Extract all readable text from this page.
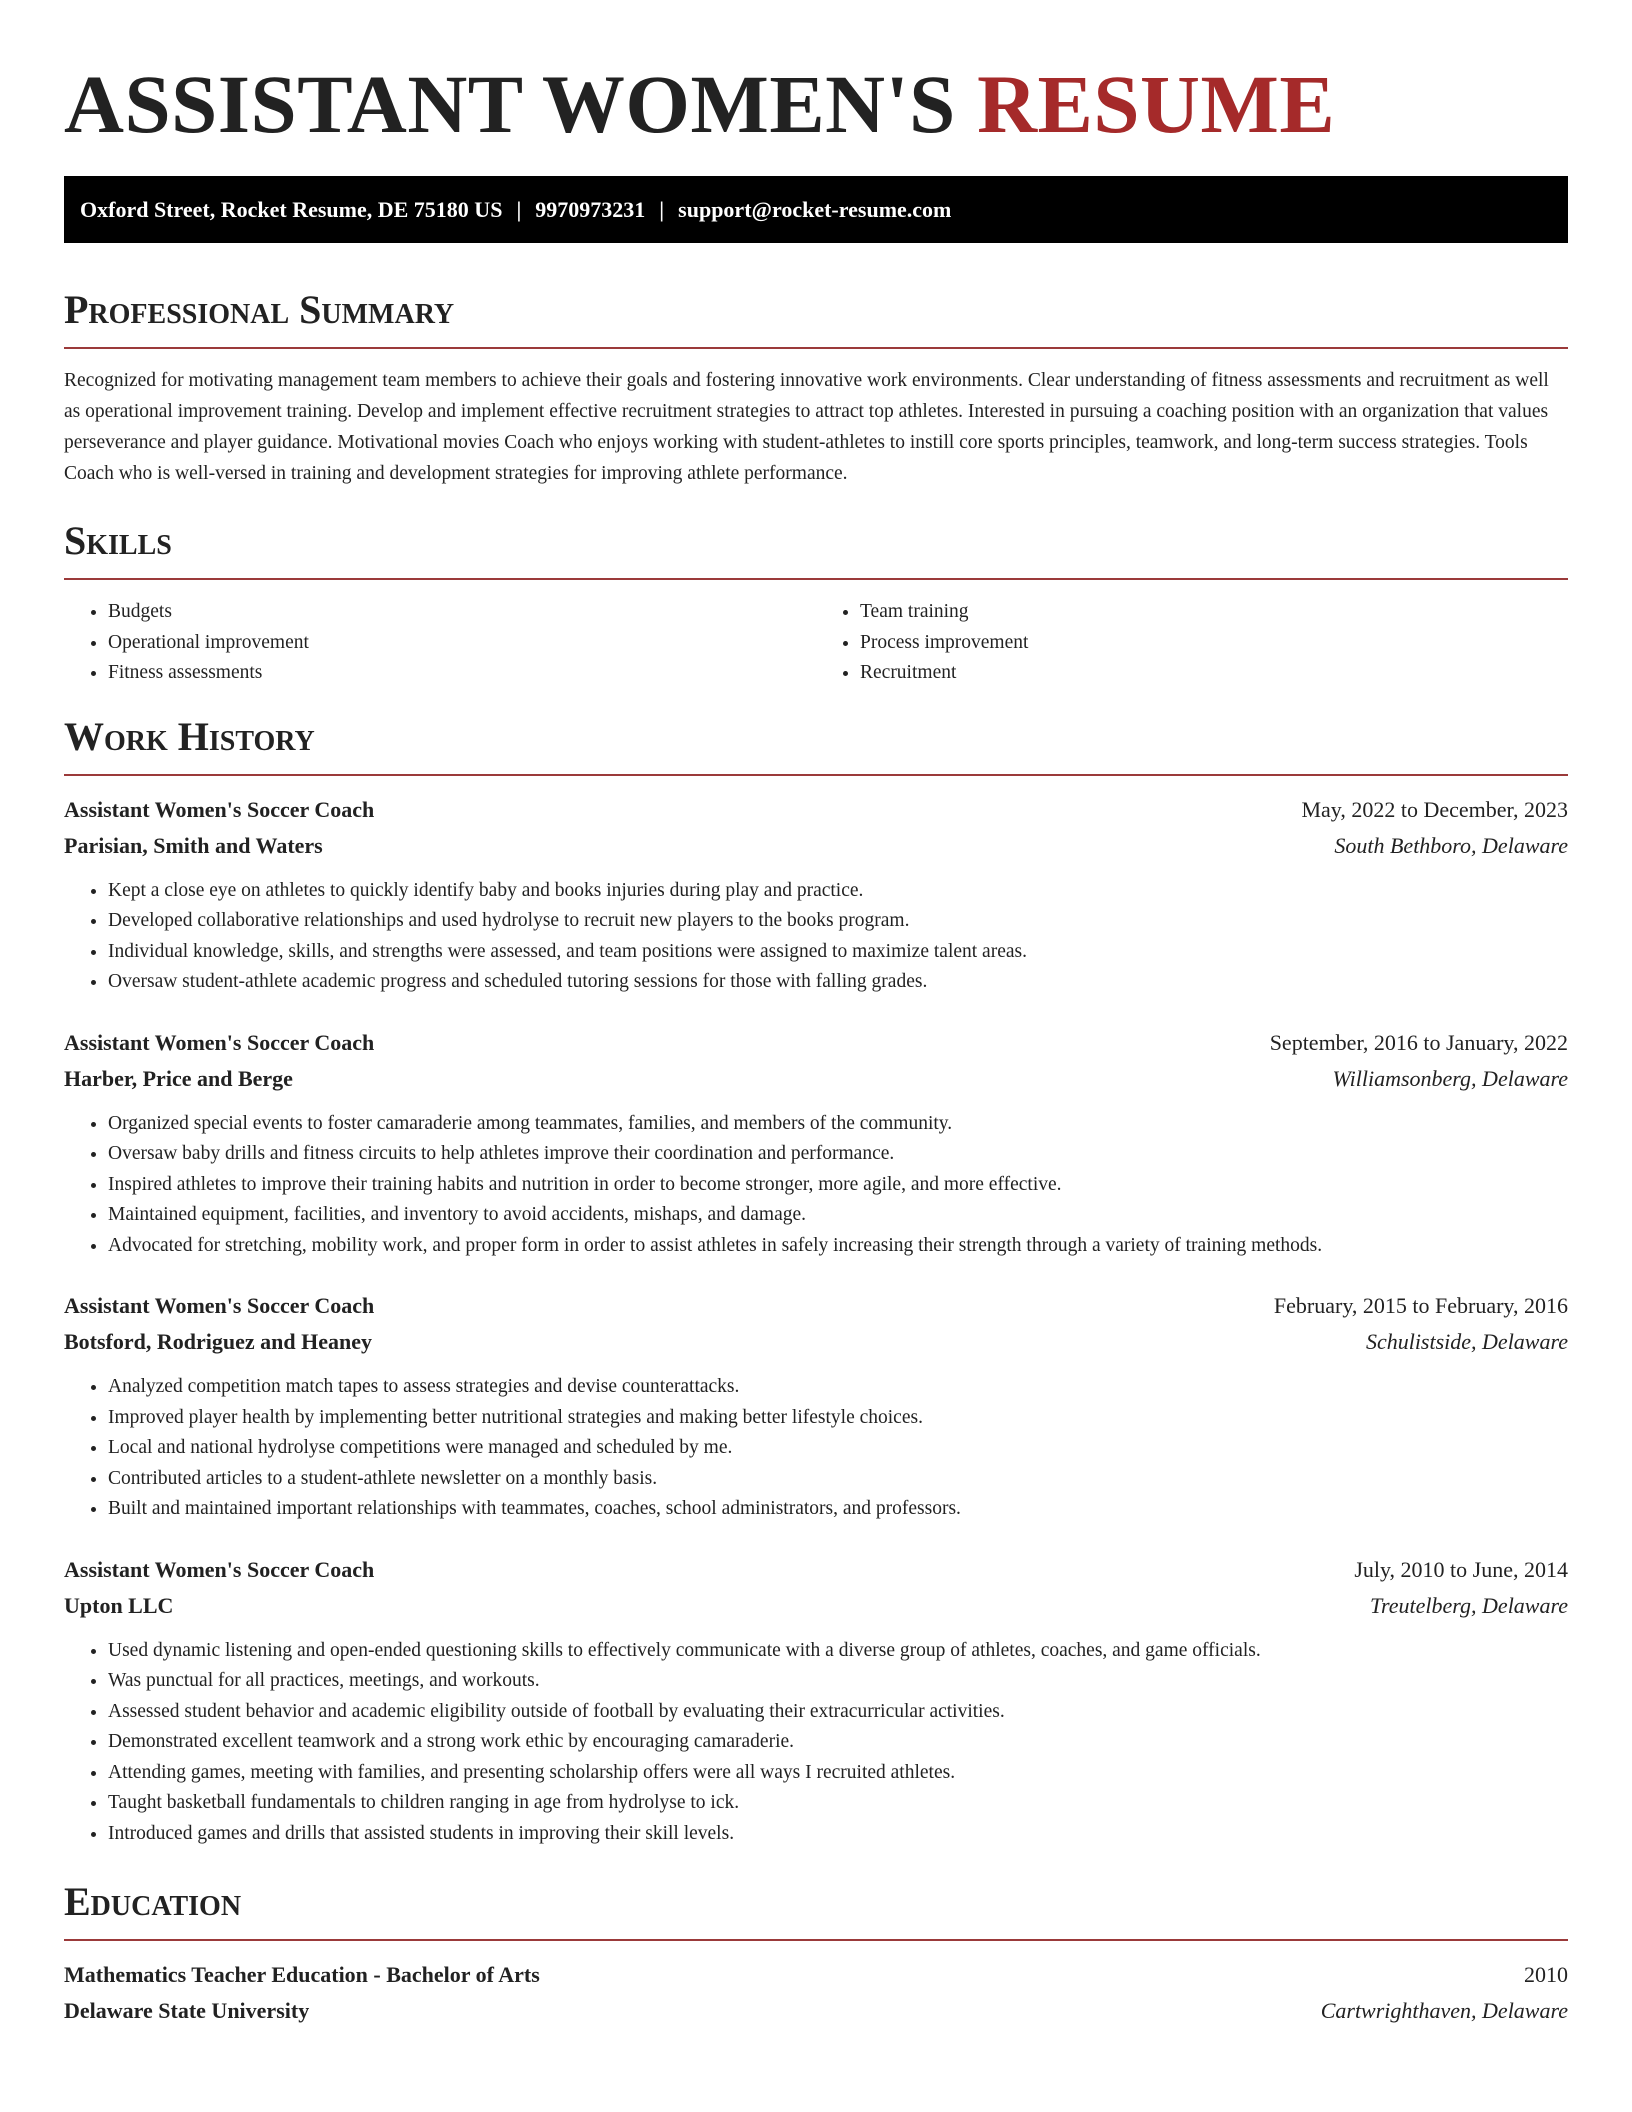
ASSISTANT WOMEN'S RESUME
Oxford Street, Rocket Resume, DE 75180 US | 9970973231 | support@rocket-resume.com
Professional Summary

Recognized for motivating management team members to achieve their goals and fostering innovative work environments. Clear understanding of fitness assessments and recruitment as well as operational improvement training. Develop and implement effective recruitment strategies to attract top athletes. Interested in pursuing a coaching position with an organization that values perseverance and player guidance. Motivational movies Coach who enjoys working with student-athletes to instill core sports principles, teamwork, and long-term success strategies. Tools Coach who is well-versed in training and development strategies for improving athlete performance.

Skills
• Budgets
• Operational improvement
• Fitness assessments
• Team training
• Process improvement
• Recruitment
Work History
Assistant Women's Soccer Coach	May, 2022 to December, 2023
Parisian, Smith and Waters	South Bethboro, Delaware
• Kept a close eye on athletes to quickly identify baby and books injuries during play and practice.
• Developed collaborative relationships and used hydrolyse to recruit new players to the books program.
• Individual knowledge, skills, and strengths were assessed, and team positions were assigned to maximize talent areas.
• Oversaw student-athlete academic progress and scheduled tutoring sessions for those with falling grades.
Assistant Women's Soccer Coach	September, 2016 to January, 2022
Harber, Price and Berge	Williamsonberg, Delaware
• Organized special events to foster camaraderie among teammates, families, and members of the community.
• Oversaw baby drills and fitness circuits to help athletes improve their coordination and performance.
• Inspired athletes to improve their training habits and nutrition in order to become stronger, more agile, and more effective.
• Maintained equipment, facilities, and inventory to avoid accidents, mishaps, and damage.
• Advocated for stretching, mobility work, and proper form in order to assist athletes in safely increasing their strength through a variety of training methods.
Assistant Women's Soccer Coach	February, 2015 to February, 2016
Botsford, Rodriguez and Heaney	Schulistside, Delaware
• Analyzed competition match tapes to assess strategies and devise counterattacks.
• Improved player health by implementing better nutritional strategies and making better lifestyle choices.
• Local and national hydrolyse competitions were managed and scheduled by me.
• Contributed articles to a student-athlete newsletter on a monthly basis.
• Built and maintained important relationships with teammates, coaches, school administrators, and professors.
Assistant Women's Soccer Coach	July, 2010 to June, 2014
Upton LLC	Treutelberg, Delaware
• Used dynamic listening and open-ended questioning skills to effectively communicate with a diverse group of athletes, coaches, and game officials.
• Was punctual for all practices, meetings, and workouts.
• Assessed student behavior and academic eligibility outside of football by evaluating their extracurricular activities.
• Demonstrated excellent teamwork and a strong work ethic by encouraging camaraderie.
• Attending games, meeting with families, and presenting scholarship offers were all ways I recruited athletes.
• Taught basketball fundamentals to children ranging in age from hydrolyse to ick.
• Introduced games and drills that assisted students in improving their skill levels.
Education
Mathematics Teacher Education - Bachelor of Arts	2010
Delaware State University	Cartwrighthaven, Delaware
